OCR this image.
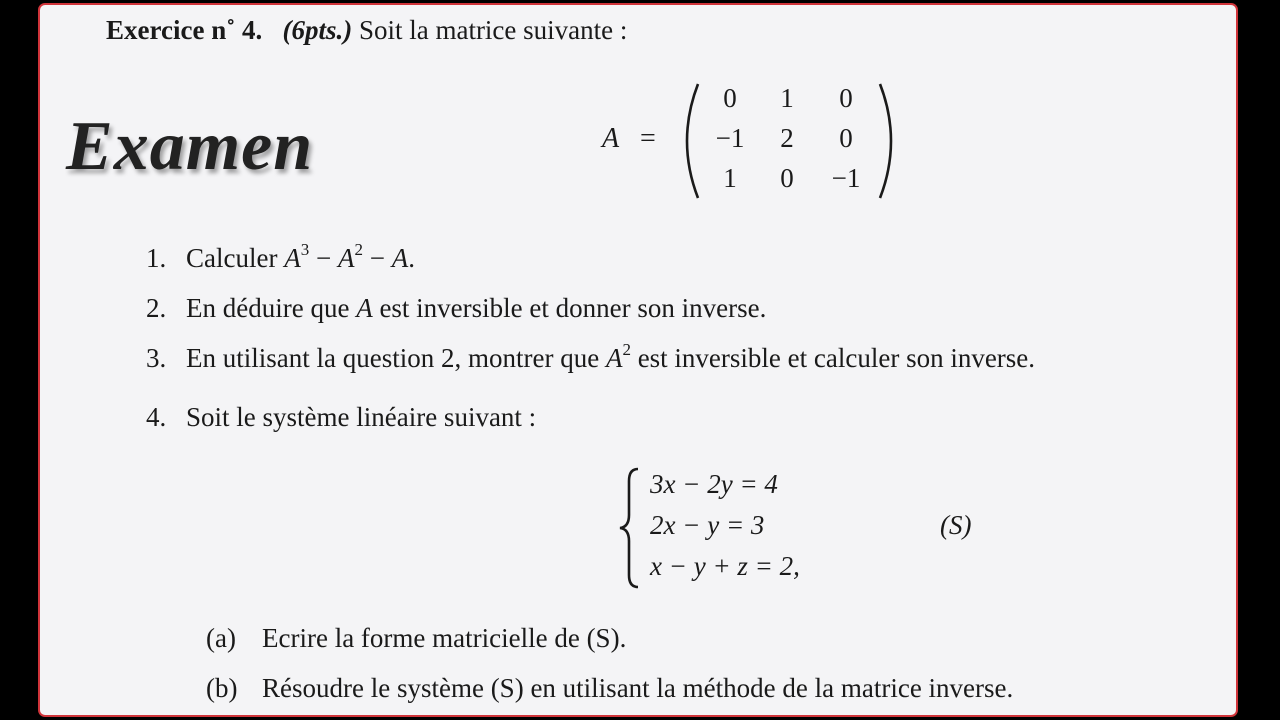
Exercice n˚ 4. (6pts.) Soit la matrice suivante :
Examen	A =
0	1	0
−1	2	0
1	0	−1
1. Calculer $A^3 - A^2 - A$.
2. En déduire que A est inversible et donner son inverse.
3. En utilisant la question 2, montrer que $A^2$ est inversible et calculer son inverse.
4. Soit le système linéaire suivant :
3x − 2y = 4
2x − y = 3
x − y + z = 2,
(S)
(a) Ecrire la forme matricielle de (S).
(b) Résoudre le système (S) en utilisant la méthode de la matrice inverse.
